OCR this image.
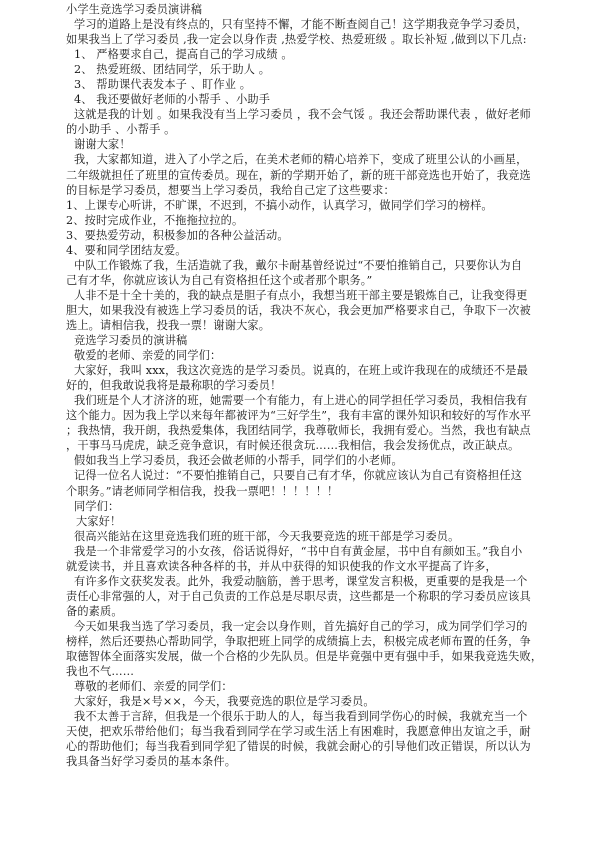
小学生竞选学习委员演讲稿
学习的道路上是没有终点的，只有坚持不懈，才能不断查阅自己！这学期我竞争学习委员，
如果我当上了学习委员 ,我一定会以身作责 ,热爱学校、热爱班级 。取长补短 ,做到以下几点:
1、 严格要求自己，提高自己的学习成绩 。
2、 热爱班级、团结同学，乐于助人 。
3、 帮助课代表发本子 、盯作业 。
4、 我还要做好老师的小帮手 、小助手
这就是我的计划 。如果我没有当上学习委员 ，我不会气馁 。我还会帮助课代表 ，做好老师
的小助手 、小帮手 。
谢谢大家！
我，大家都知道，进入了小学之后，在美术老师的精心培养下，变成了班里公认的小画星，
二年级就担任了班里的宣传委员。现在，新的学期开始了，新的班干部竞选也开始了，我竞选
的目标是学习委员，想要当上学习委员，我给自己定了这些要求：
1、上课专心听讲，不旷课，不迟到，不搞小动作，认真学习，做同学们学习的榜样。
2、按时完成作业，不拖拖拉拉的。
3、要热爱劳动，积极参加的各种公益活动。
4、要和同学团结友爱。
中队工作锻炼了我，生活造就了我，戴尔卡耐基曾经说过“不要怕推销自己，只要你认为自
己有才华，你就应该认为自己有资格担任这个或者那个职务。”
人非不是十全十美的，我的缺点是胆子有点小，我想当班干部主要是锻炼自己，让我变得更
胆大，如果我没有被选上学习委员的话，我决不灰心，我会更加严格要求自己，争取下一次被
选上。请相信我，投我一票！谢谢大家。
竞选学习委员的演讲稿
敬爱的老师、亲爱的同学们：
大家好，我叫 xxx，我这次竞选的是学习委员。说真的，在班上或许我现在的成绩还不是最
好的，但我敢说我将是最称职的学习委员！
我们班是个人才济济的班，她需要一个有能力，有上进心的同学担任学习委员，我相信我有
这个能力。因为我上学以来每年都被评为“三好学生”，我有丰富的课外知识和较好的写作水平
；我热情，我开朗，我热爱集体，我团结同学，我尊敬师长，我拥有爱心。当然，我也有缺点
，干事马马虎虎，缺乏竞争意识，有时候还很贪玩……我相信，我会发扬优点，改正缺点。
假如我当上学习委员，我还会做老师的小帮手，同学们的小老师。
记得一位名人说过：“不要怕推销自己，只要自己有才华，你就应该认为自己有资格担任这
个职务。”请老师同学相信我，投我一票吧！！！！！！
同学们：
大家好！
很高兴能站在这里竞选我们班的班干部，今天我要竞选的班干部是学习委员。
我是一个非常爱学习的小女孩，俗话说得好，“书中自有黄金屋，书中自有颜如玉。”我自小
就爱读书，并且喜欢读各种各样的书，并从中获得的知识使我的作文水平提高了许多，
有许多作文获奖发表。此外，我爱动脑筋，善于思考，课堂发言积极，更重要的是我是一个
责任心非常强的人，对于自己负责的工作总是尽职尽责，这些都是一个称职的学习委员应该具
备的素质。
今天如果我当选了学习委员，我一定会以身作则，首先搞好自己的学习，成为同学们学习的
榜样，然后还要热心帮助同学，争取把班上同学的成绩搞上去，积极完成老师布置的任务，争
取德智体全面落实发展，做一个合格的少先队员。但是毕竟强中更有强中手，如果我竞选失败，
我也不气……
尊敬的老师们、亲爱的同学们：
大家好，我是×号××，今天，我要竞选的职位是学习委员。
我不太善于言辞，但我是一个很乐于助人的人，每当我看到同学伤心的时候，我就充当一个
天使，把欢乐带给他们；每当我看到同学在学习或生活上有困难时，我愿意伸出友谊之手，耐
心的帮助他们；每当我看到同学犯了错误的时候，我就会耐心的引导他们改正错误，所以认为
我具备当好学习委员的基本条件。
